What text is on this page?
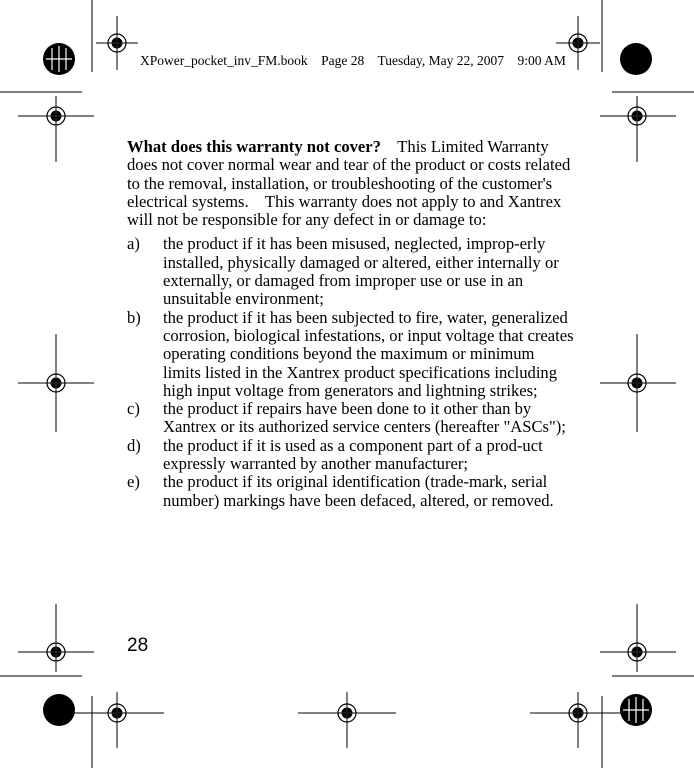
XPower_pocket_inv_FM.book    Page 28    Tuesday, May 22, 2007    9:00 AM

What does this warranty not cover?    This Limited Warranty does not cover normal wear and tear of the product or costs related to the removal, installation, or troubleshooting of the customer's electrical systems.    This warranty does not apply to and Xantrex will not be responsible for any defect in or damage to:

a) the product if it has been misused, neglected, improp-erly installed, physically damaged or altered, either internally or externally, or damaged from improper use or use in an unsuitable environment;
b) the product if it has been subjected to fire, water, generalized    corrosion, biological infestations, or input voltage that creates operating conditions beyond the maximum or minimum limits listed in the Xantrex product specifications including high input voltage from generators and lightning strikes;
c) the product if repairs have been done to it other than by Xantrex or its authorized service centers (hereafter "ASCs");
d) the product if it is used as a component part of a prod-uct expressly warranted by another manufacturer;
e) the product if its original identification (trade-mark, serial number) markings have been defaced, altered, or removed.
28
